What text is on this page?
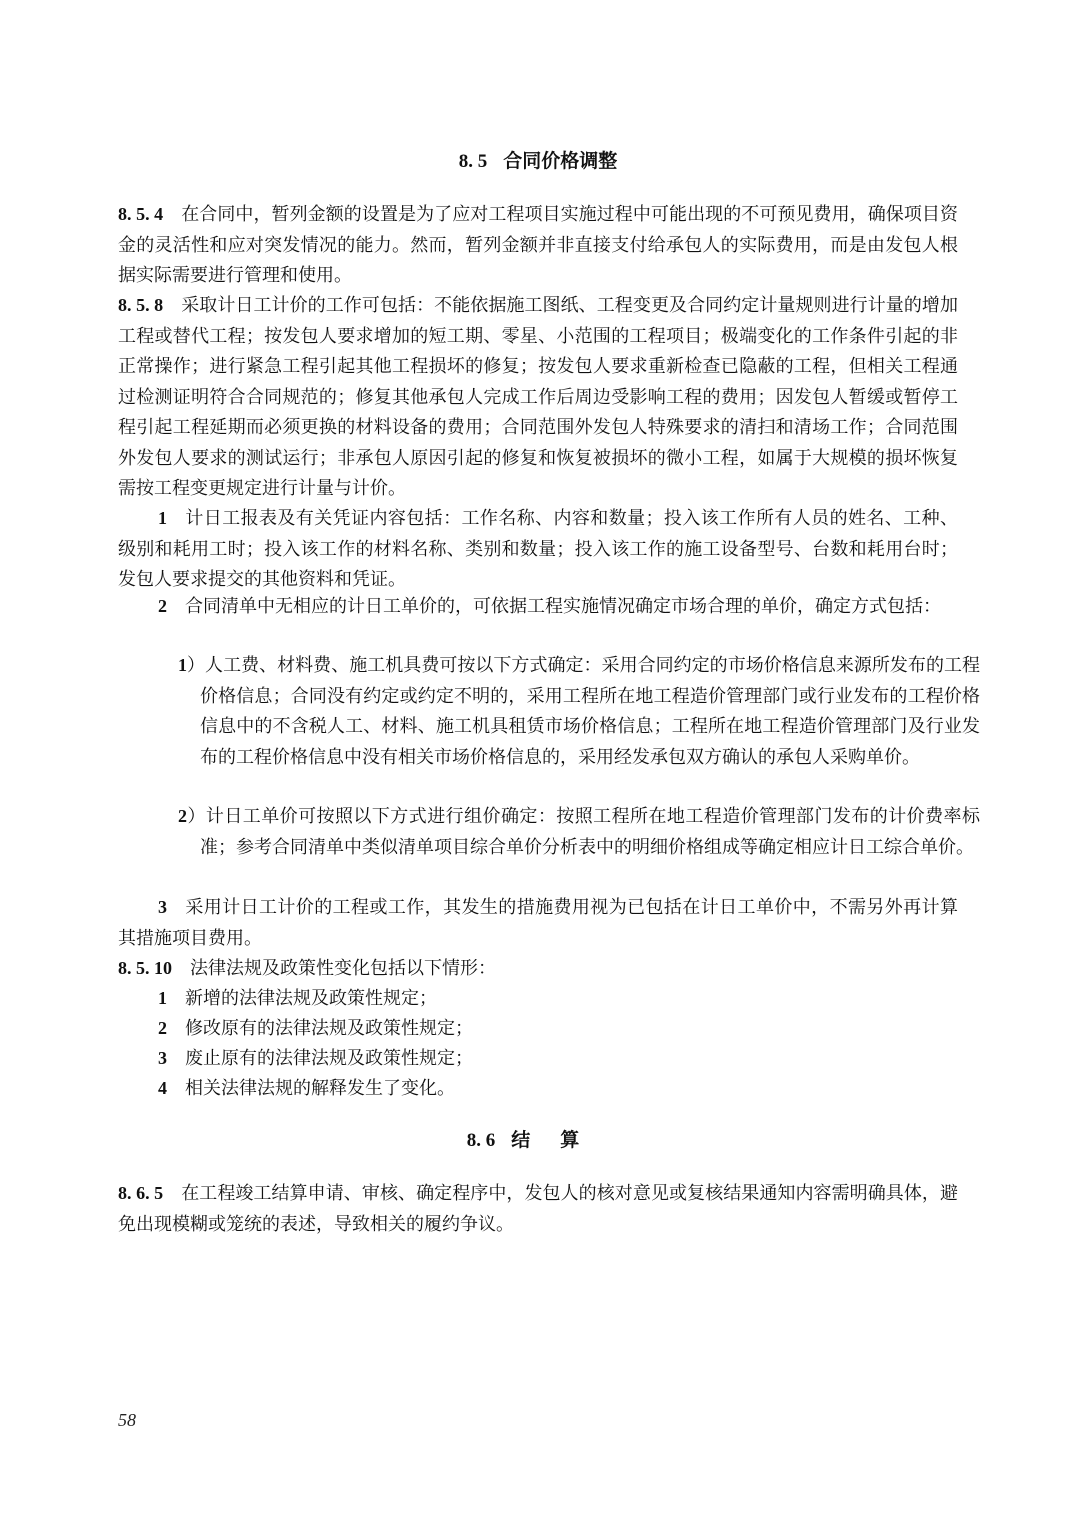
8. 5 合同价格调整

8. 5. 4 在合同中，暂列金额的设置是为了应对工程项目实施过程中可能出现的不可预见费用，确保项目资金的灵活性和应对突发情况的能力。然而，暂列金额并非直接支付给承包人的实际费用，而是由发包人根据实际需要进行管理和使用。

8. 5. 8 采取计日工计价的工作可包括：不能依据施工图纸、工程变更及合同约定计量规则进行计量的增加工程或替代工程；按发包人要求增加的短工期、零星、小范围的工程项目；极端变化的工作条件引起的非正常操作；进行紧急工程引起其他工程损坏的修复；按发包人要求重新检查已隐蔽的工程，但相关工程通过检测证明符合合同规范的；修复其他承包人完成工作后周边受影响工程的费用；因发包人暂缓或暂停工程引起工程延期而必须更换的材料设备的费用；合同范围外发包人特殊要求的清扫和清场工作；合同范围外发包人要求的测试运行；非承包人原因引起的修复和恢复被损坏的微小工程，如属于大规模的损坏恢复需按工程变更规定进行计量与计价。

1 计日工报表及有关凭证内容包括：工作名称、内容和数量；投入该工作所有人员的姓名、工种、级别和耗用工时；投入该工作的材料名称、类别和数量；投入该工作的施工设备型号、台数和耗用台时；发包人要求提交的其他资料和凭证。

2 合同清单中无相应的计日工单价的，可依据工程实施情况确定市场合理的单价，确定方式包括：

1）人工费、材料费、施工机具费可按以下方式确定：采用合同约定的市场价格信息来源所发布的工程价格信息；合同没有约定或约定不明的，采用工程所在地工程造价管理部门或行业发布的工程价格信息中的不含税人工、材料、施工机具租赁市场价格信息；工程所在地工程造价管理部门及行业发布的工程价格信息中没有相关市场价格信息的，采用经发承包双方确认的承包人采购单价。

2）计日工单价可按照以下方式进行组价确定：按照工程所在地工程造价管理部门发布的计价费率标准；参考合同清单中类似清单项目综合单价分析表中的明细价格组成等确定相应计日工综合单价。

3 采用计日工计价的工程或工作，其发生的措施费用视为已包括在计日工单价中，不需另外再计算其措施项目费用。

8. 5. 10 法律法规及政策性变化包括以下情形：

1 新增的法律法规及政策性规定；

2 修改原有的法律法规及政策性规定；

3 废止原有的法律法规及政策性规定；

4 相关法律法规的解释发生了变化。

8. 6 结算

8. 6. 5 在工程竣工结算申请、审核、确定程序中，发包人的核对意见或复核结果通知内容需明确具体，避免出现模糊或笼统的表述，导致相关的履约争议。

58
